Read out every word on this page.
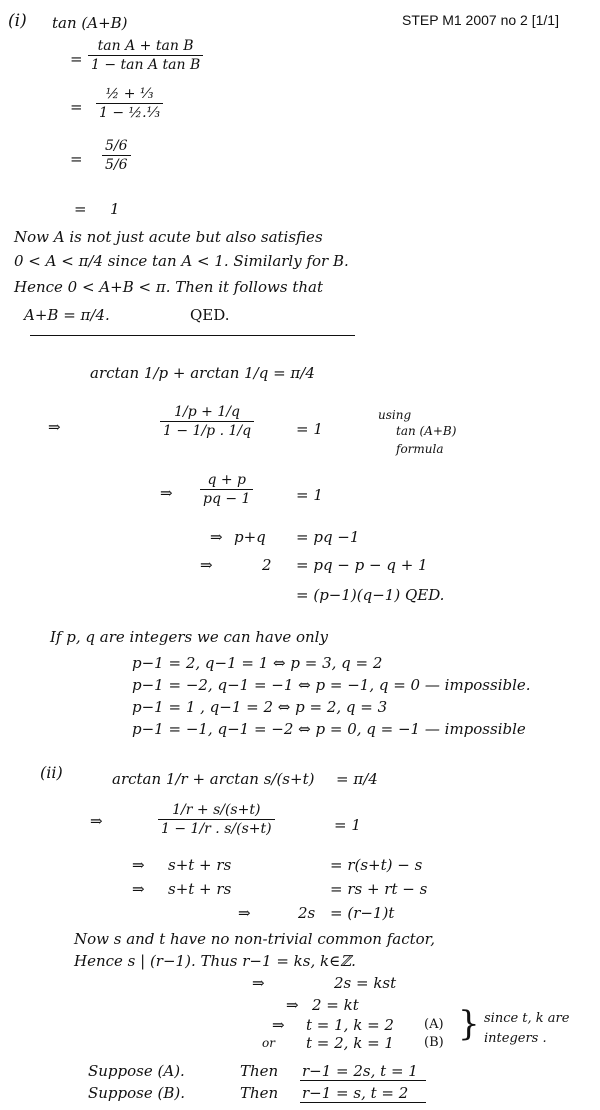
STEP M1 2007 no 2 [1/1]
(i) tan (A+B)
= $\frac{\text{tan A + tan B}}{\text{1 − tan A tan B}}$
=
½ + ⅓
1 − ½.⅓
= $\frac{5/6}{5/6}$
= 1
Now A is not just acute but also satisfies
0 < A < π/4 since tan A < 1. Similarly for B.
Hence 0 < A+B < π. Then it follows that
A+B = π/4.	QED.
arctan 1/p + arctan 1/q = π/4
⇒	$\frac{1/p + 1/q}{1 - 1/p . 1/q}$	= 1
using
tan (A+B)
formula
⇒ $\frac{q + p}{pq - 1}$	= 1
⇒ p+q = pq −1
⇒	2 = pq − p − q + 1
= (p−1)(q−1) QED.
If p, q are integers we can have only
p−1 = 2, q−1 = 1 ⇔ p = 3, q = 2
p−1 = −2, q−1 = −1 ⇔ p = −1, q = 0 — impossible.
p−1 = 1 , q−1 = 2 ⇔ p = 2, q = 3
p−1 = −1, q−1 = −2 ⇔ p = 0, q = −1 — impossible
(ii)	arctan 1/r + arctan s/(s+t) = π/4
⇒	$\frac{1/r + s/(s+t)}{1 - 1/r . s/(s+t)}$	= 1
⇒ s+t + rs	= r(s+t) − s
⇒ s+t + rs	= rs + rt − s
⇒	2s = (r−1)t
Now s and t have no non-trivial common factor,
Hence s | (r−1). Thus r−1 = ks, k∈ℤ.
⇒	2s = kst
⇒ 2 = kt
⇒ t = 1, k = 2
or t = 2, k = 1
(A)
(B) } since t, k are
integers .
Suppose (A).	Then r−1 = 2s, t = 1
Suppose (B).	Then r−1 = s, t = 2
